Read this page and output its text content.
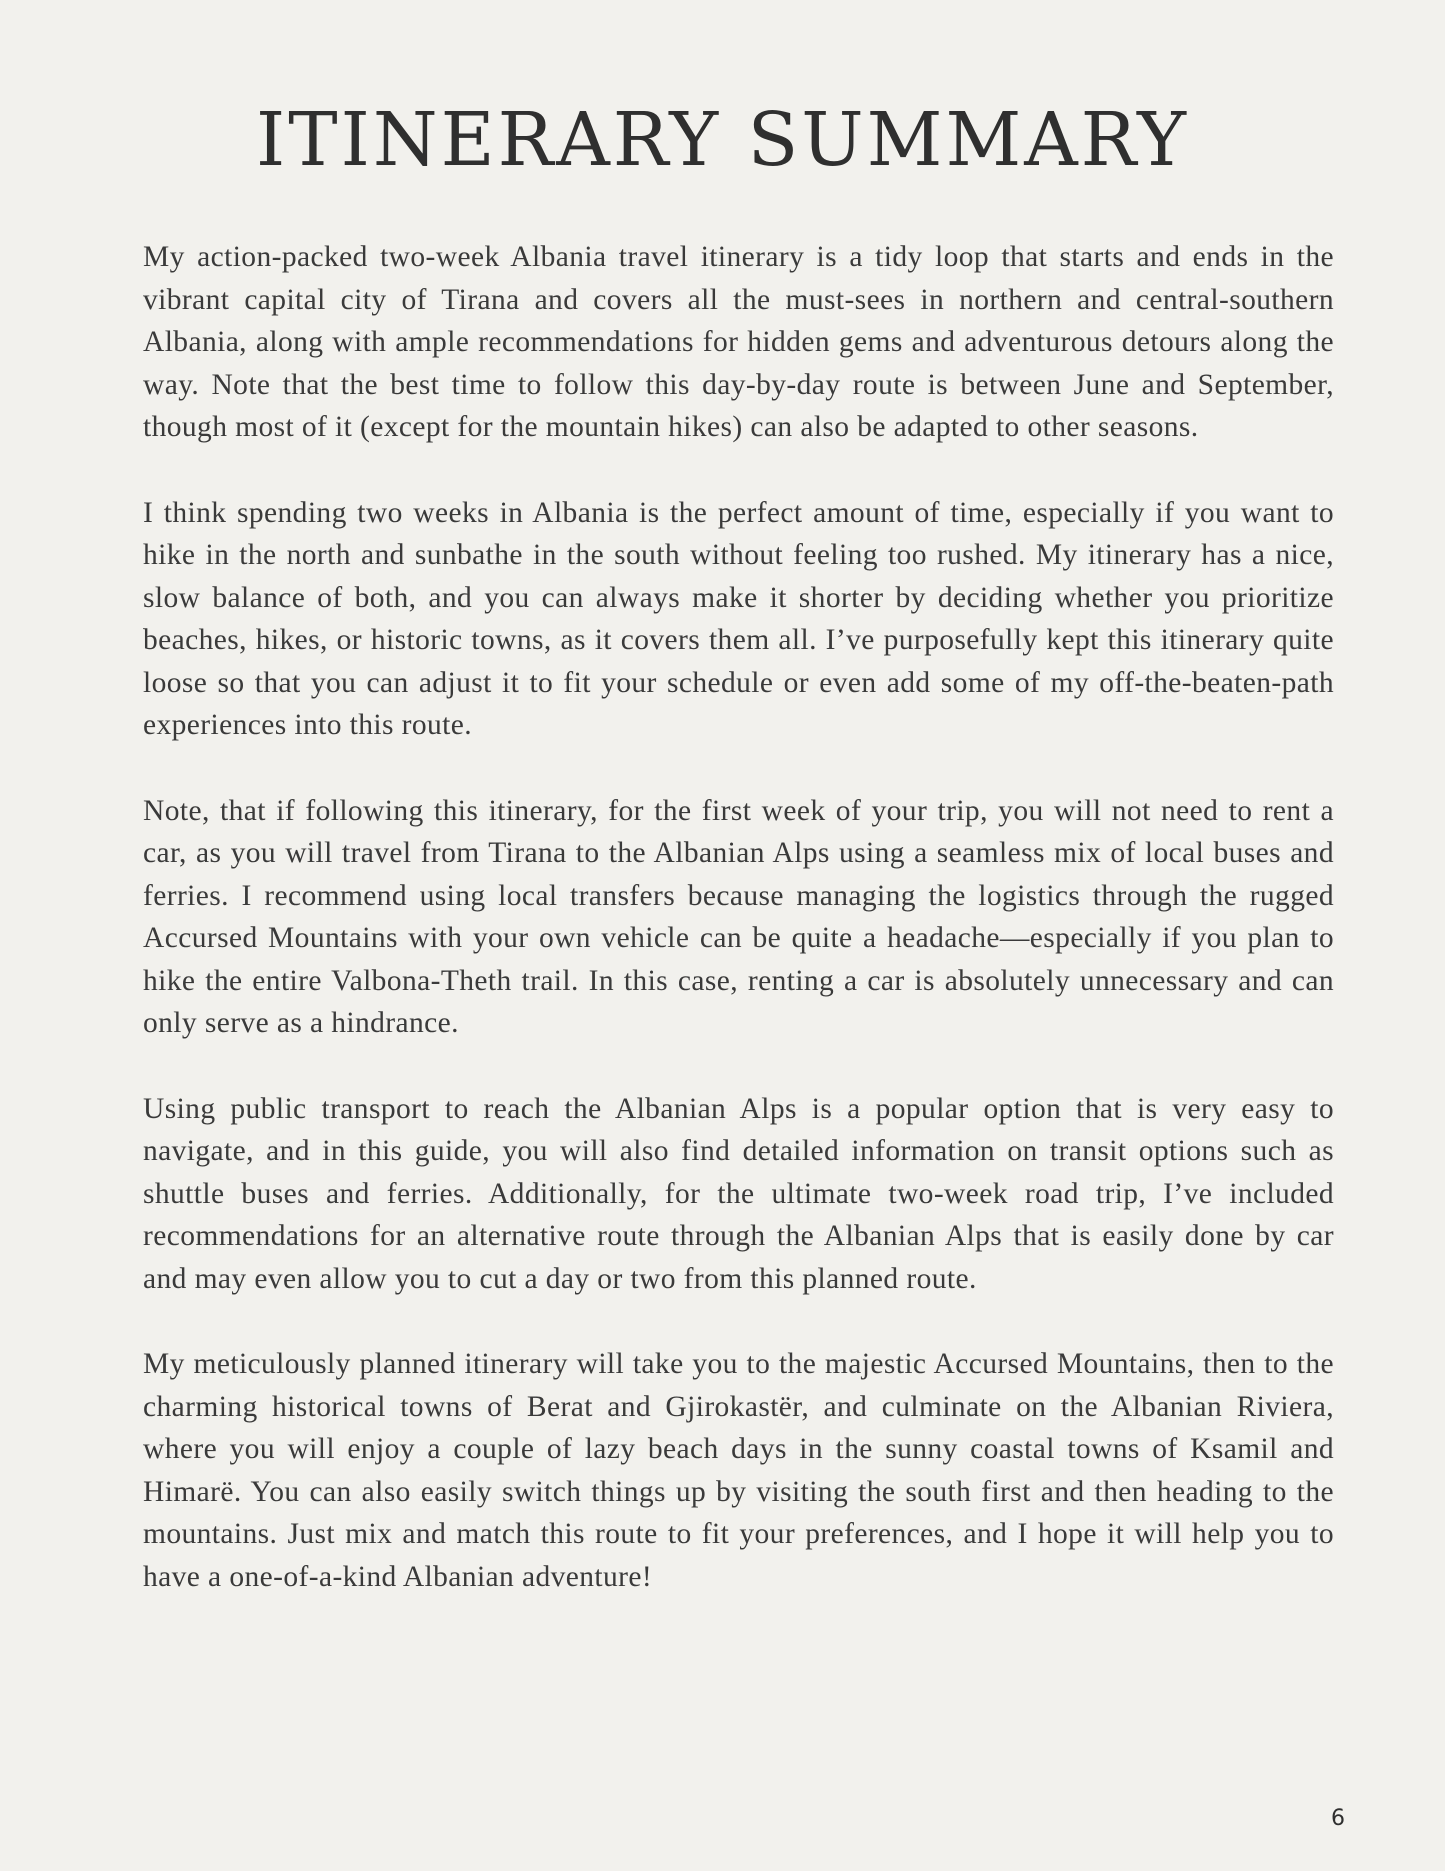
ITINERARY SUMMARY

My action-packed two-week Albania travel itinerary is a tidy loop that starts and ends in the vibrant capital city of Tirana and covers all the must-sees in northern and central-southern Albania, along with ample recommendations for hidden gems and adventurous detours along the way. Note that the best time to follow this day-by-day route is between June and September, though most of it (except for the mountain hikes) can also be adapted to other seasons.

I think spending two weeks in Albania is the perfect amount of time, especially if you want to hike in the north and sunbathe in the south without feeling too rushed. My itinerary has a nice, slow balance of both, and you can always make it shorter by deciding whether you prioritize beaches, hikes, or historic towns, as it covers them all. I’ve purposefully kept this itinerary quite loose so that you can adjust it to fit your schedule or even add some of my off-the-beaten-path experiences into this route.

Note, that if following this itinerary, for the first week of your trip, you will not need to rent a car, as you will travel from Tirana to the Albanian Alps using a seamless mix of local buses and ferries. I recommend using local transfers because managing the logistics through the rugged Accursed Mountains with your own vehicle can be quite a headache—especially if you plan to hike the entire Valbona-Theth trail. In this case, renting a car is absolutely unnecessary and can only serve as a hindrance.

Using public transport to reach the Albanian Alps is a popular option that is very easy to navigate, and in this guide, you will also find detailed information on transit options such as shuttle buses and ferries. Additionally, for the ultimate two-week road trip, I’ve included recommendations for an alternative route through the Albanian Alps that is easily done by car and may even allow you to cut a day or two from this planned route.

My meticulously planned itinerary will take you to the majestic Accursed Mountains, then to the charming historical towns of Berat and Gjirokastër, and culminate on the Albanian Riviera, where you will enjoy a couple of lazy beach days in the sunny coastal towns of Ksamil and Himarë. You can also easily switch things up by visiting the south first and then heading to the mountains. Just mix and match this route to fit your preferences, and I hope it will help you to have a one-of-a-kind Albanian adventure!

6
